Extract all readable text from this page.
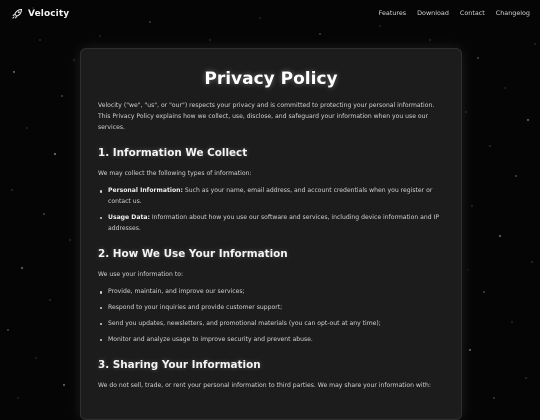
Velocity	Features Download Contact Changelog
Privacy Policy

Velocity ("we", "us", or "our") respects your privacy and is committed to protecting your personal information. This Privacy Policy explains how we collect, use, disclose, and safeguard your information when you use our services.

1. Information We Collect

We may collect the following types of information:

Personal Information: Such as your name, email address, and account credentials when you register or contact us.
Usage Data: Information about how you use our software and services, including device information and IP addresses.
2. How We Use Your Information

We use your information to:

Provide, maintain, and improve our services;
Respond to your inquiries and provide customer support;
Send you updates, newsletters, and promotional materials (you can opt-out at any time);
Monitor and analyze usage to improve security and prevent abuse.
3. Sharing Your Information

We do not sell, trade, or rent your personal information to third parties. We may share your information with:
